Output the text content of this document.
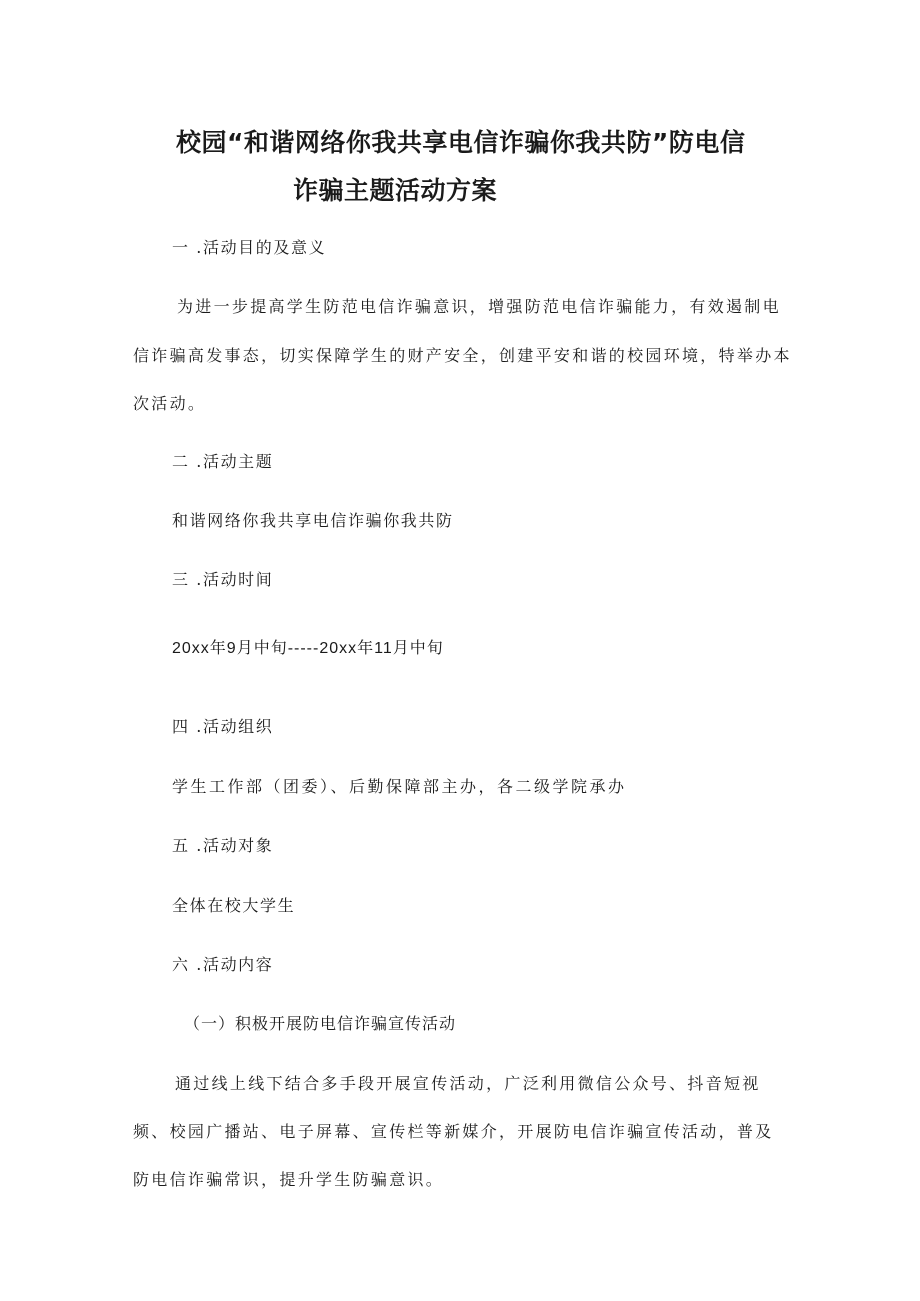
校园“和谐网络你我共享电信诈骗你我共防”防电信
诈骗主题活动方案
一 .活动目的及意义
为进一步提高学生防范电信诈骗意识，增强防范电信诈骗能力，有效遏制电
信诈骗高发事态，切实保障学生的财产安全，创建平安和谐的校园环境，特举办本
次活动。
二 .活动主题
和谐网络你我共享电信诈骗你我共防
三 .活动时间
20xx年9月中旬-----20xx年11月中旬
四 .活动组织
学生工作部（团委）、后勤保障部主办，各二级学院承办
五 .活动对象
全体在校大学生
六 .活动内容
（一）积极开展防电信诈骗宣传活动
通过线上线下结合多手段开展宣传活动，广泛利用微信公众号、抖音短视
频、校园广播站、电子屏幕、宣传栏等新媒介，开展防电信诈骗宣传活动，普及
防电信诈骗常识，提升学生防骗意识。
